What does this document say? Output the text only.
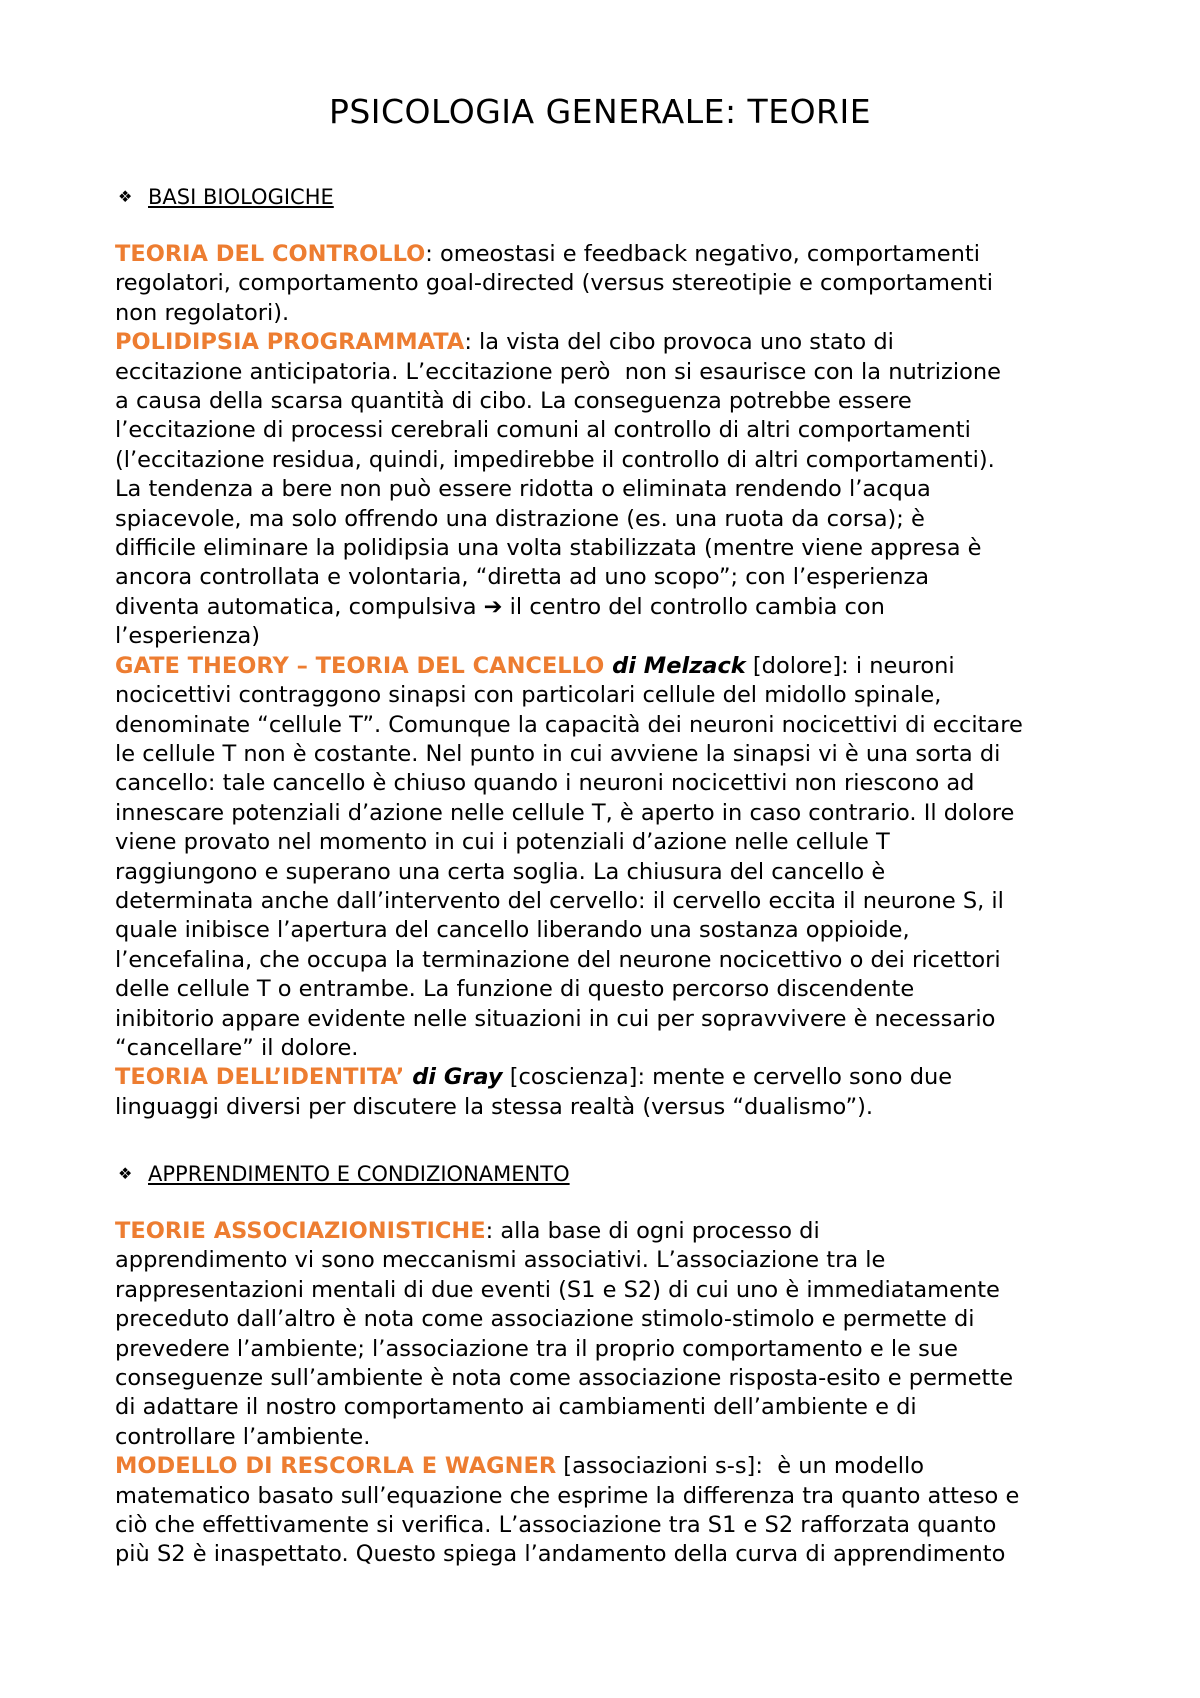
PSICOLOGIA GENERALE: TEORIE
❖ BASI BIOLOGICHE
TEORIA DEL CONTROLLO: omeostasi e feedback negativo, comportamenti
regolatori, comportamento goal-directed (versus stereotipie e comportamenti
non regolatori).
POLIDIPSIA PROGRAMMATA: la vista del cibo provoca uno stato di
eccitazione anticipatoria. L’eccitazione però  non si esaurisce con la nutrizione
a causa della scarsa quantità di cibo. La conseguenza potrebbe essere
l’eccitazione di processi cerebrali comuni al controllo di altri comportamenti
(l’eccitazione residua, quindi, impedirebbe il controllo di altri comportamenti).
La tendenza a bere non può essere ridotta o eliminata rendendo l’acqua
spiacevole, ma solo offrendo una distrazione (es. una ruota da corsa); è
difficile eliminare la polidipsia una volta stabilizzata (mentre viene appresa è
ancora controllata e volontaria, “diretta ad uno scopo”; con l’esperienza
diventa automatica, compulsiva ➔ il centro del controllo cambia con
l’esperienza)
GATE THEORY – TEORIA DEL CANCELLO di Melzack [dolore]: i neuroni
nocicettivi contraggono sinapsi con particolari cellule del midollo spinale,
denominate “cellule T”. Comunque la capacità dei neuroni nocicettivi di eccitare
le cellule T non è costante. Nel punto in cui avviene la sinapsi vi è una sorta di
cancello: tale cancello è chiuso quando i neuroni nocicettivi non riescono ad
innescare potenziali d’azione nelle cellule T, è aperto in caso contrario. Il dolore
viene provato nel momento in cui i potenziali d’azione nelle cellule T
raggiungono e superano una certa soglia. La chiusura del cancello è
determinata anche dall’intervento del cervello: il cervello eccita il neurone S, il
quale inibisce l’apertura del cancello liberando una sostanza oppioide,
l’encefalina, che occupa la terminazione del neurone nocicettivo o dei ricettori
delle cellule T o entrambe. La funzione di questo percorso discendente
inibitorio appare evidente nelle situazioni in cui per sopravvivere è necessario
“cancellare” il dolore.
TEORIA DELL’IDENTITA’ di Gray [coscienza]: mente e cervello sono due
linguaggi diversi per discutere la stessa realtà (versus “dualismo”).
❖ APPRENDIMENTO E CONDIZIONAMENTO
TEORIE ASSOCIAZIONISTICHE: alla base di ogni processo di
apprendimento vi sono meccanismi associativi. L’associazione tra le
rappresentazioni mentali di due eventi (S1 e S2) di cui uno è immediatamente
preceduto dall’altro è nota come associazione stimolo-stimolo e permette di
prevedere l’ambiente; l’associazione tra il proprio comportamento e le sue
conseguenze sull’ambiente è nota come associazione risposta-esito e permette
di adattare il nostro comportamento ai cambiamenti dell’ambiente e di
controllare l’ambiente.
MODELLO DI RESCORLA E WAGNER [associazioni s-s]:  è un modello
matematico basato sull’equazione che esprime la differenza tra quanto atteso e
ciò che effettivamente si verifica. L’associazione tra S1 e S2 rafforzata quanto
più S2 è inaspettato. Questo spiega l’andamento della curva di apprendimento
